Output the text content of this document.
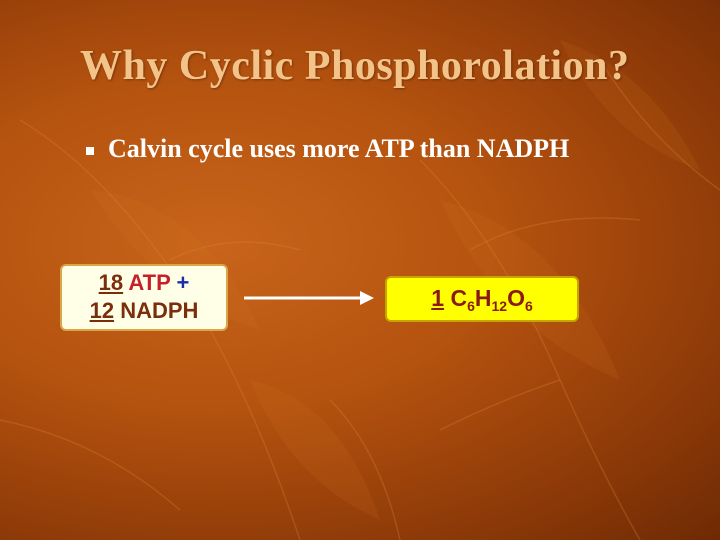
Why Cyclic Phosphorolation?
Calvin cycle uses more ATP than NADPH
18 ATP +
12 NADPH	1 $C_6H_{12}O_6$
